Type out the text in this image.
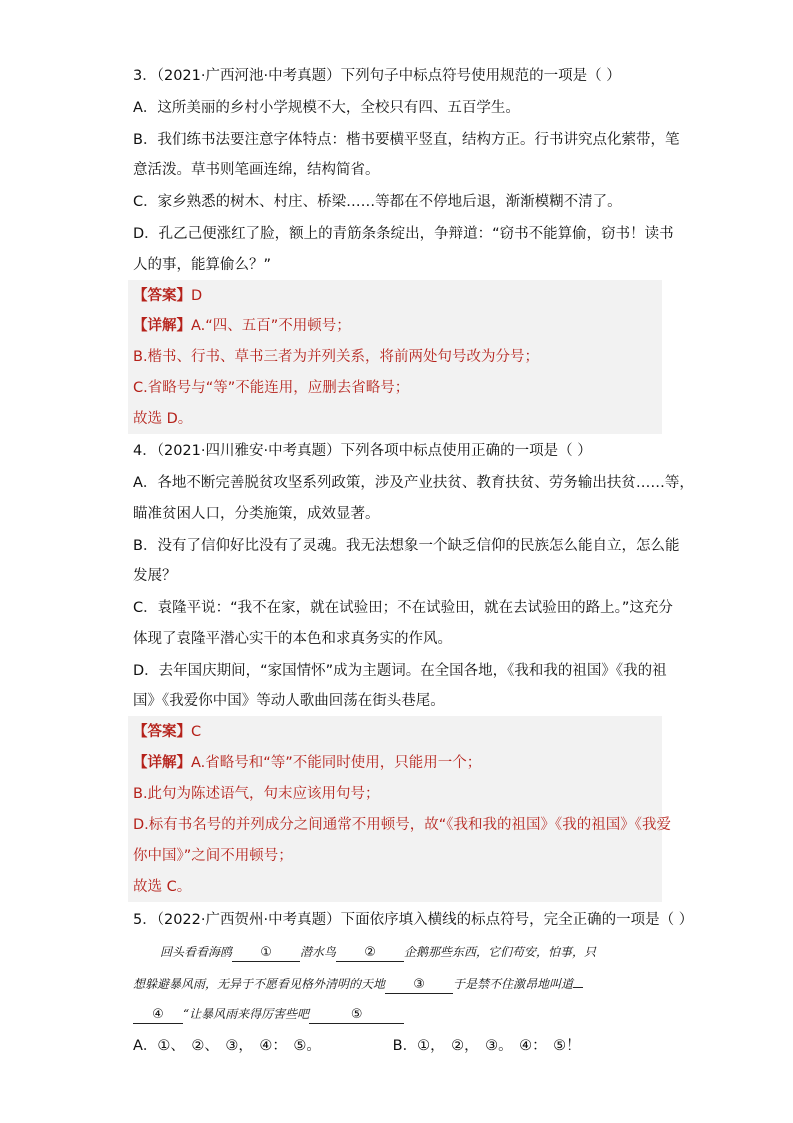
3．（2021·广西河池·中考真题）下列句子中标点符号使用规范的一项是（ ）
A．这所美丽的乡村小学规模不大，全校只有四、五百学生。
B．我们练书法要注意字体特点：楷书要横平竖直，结构方正。行书讲究点化萦带，笔
意活泼。草书则笔画连绵，结构简省。
C．家乡熟悉的树木、村庄、桥梁……等都在不停地后退，渐渐模糊不清了。
D．孔乙己便涨红了脸，额上的青筋条条绽出，争辩道：“窃书不能算偷，窃书！读书
人的事，能算偷么？”
【答案】D
【详解】A.“四、五百”不用顿号；
B.楷书、行书、草书三者为并列关系，将前两处句号改为分号；
C.省略号与“等”不能连用，应删去省略号；
故选 D。
4．（2021·四川雅安·中考真题）下列各项中标点使用正确的一项是（ ）
A．各地不断完善脱贫攻坚系列政策，涉及产业扶贫、教育扶贫、劳务输出扶贫……等，
瞄准贫困人口，分类施策，成效显著。
B．没有了信仰好比没有了灵魂。我无法想象一个缺乏信仰的民族怎么能自立，怎么能
发展？
C．袁隆平说：“我不在家，就在试验田；不在试验田，就在去试验田的路上。”这充分
体现了袁隆平潜心实干的本色和求真务实的作风。
D．去年国庆期间，“家国情怀”成为主题词。在全国各地，《我和我的祖国》《我的祖
国》《我爱你中国》等动人歌曲回荡在街头巷尾。
【答案】C
【详解】A.省略号和“等”不能同时使用，只能用一个；
B.此句为陈述语气，句末应该用句号；
D.标有书名号的并列成分之间通常不用顿号，故“《我和我的祖国》《我的祖国》《我爱
你中国》”之间不用顿号；
故选 C。
5．（2022·广西贺州·中考真题）下面依序填入横线的标点符号，完全正确的一项是（ ）
回头看看海鸥 ① 潜水鸟 ② 企鹅那些东西，它们苟安，怕事，只
想躲避暴风雨，无异于不愿看见格外清明的天地 ③ 于是禁不住激昂地叫道
④ “让暴风雨来得厉害些吧	⑤
A．①、 ②、 ③， ④： ⑤。	B．①， ②， ③。 ④： ⑤！
